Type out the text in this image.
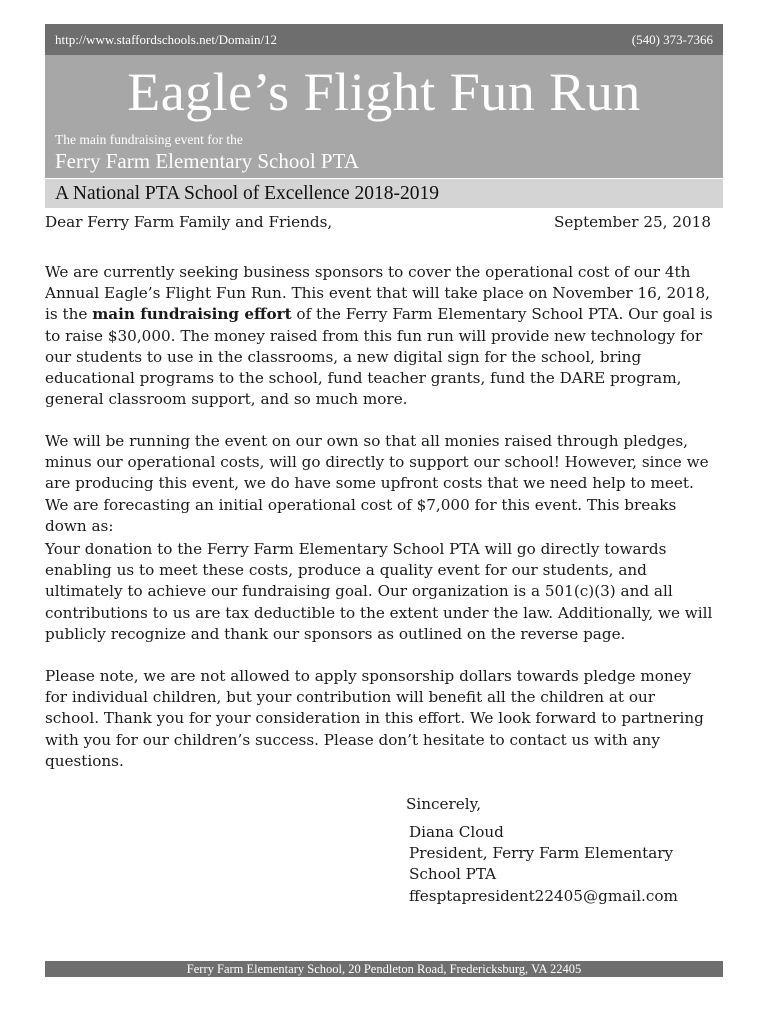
http://www.staffordschools.net/Domain/12	(540) 373-7366
Eagle’s Flight Fun Run
The main fundraising event for the
Ferry Farm Elementary School PTA
A National PTA School of Excellence 2018-2019
Dear Ferry Farm Family and Friends,	September 25, 2018

We are currently seeking business sponsors to cover the operational cost of our 4th Annual Eagle’s Flight Fun Run. This event that will take place on November 16, 2018, is the main fundraising effort of the Ferry Farm Elementary School PTA. Our goal is to raise $30,000. The money raised from this fun run will provide new technology for our students to use in the classrooms, a new digital sign for the school, bring educational programs to the school, fund teacher grants, fund the DARE program, general classroom support, and so much more.

We will be running the event on our own so that all monies raised through pledges, minus our operational costs, will go directly to support our school! However, since we are producing this event, we do have some upfront costs that we need help to meet. We are forecasting an initial operational cost of $7,000 for this event. This breaks down as:

Your donation to the Ferry Farm Elementary School PTA will go directly towards enabling us to meet these costs, produce a quality event for our students, and ultimately to achieve our fundraising goal. Our organization is a 501(c)(3) and all contributions to us are tax deductible to the extent under the law. Additionally, we will publicly recognize and thank our sponsors as outlined on the reverse page.

Please note, we are not allowed to apply sponsorship dollars towards pledge money for individual children, but your contribution will benefit all the children at our school. Thank you for your consideration in this effort. We look forward to partnering with you for our children’s success. Please don’t hesitate to contact us with any questions.

Sincerely,
Diana Cloud
President, Ferry Farm Elementary School PTA
ffesptapresident22405@gmail.com
Ferry Farm Elementary School, 20 Pendleton Road, Fredericksburg, VA 22405
